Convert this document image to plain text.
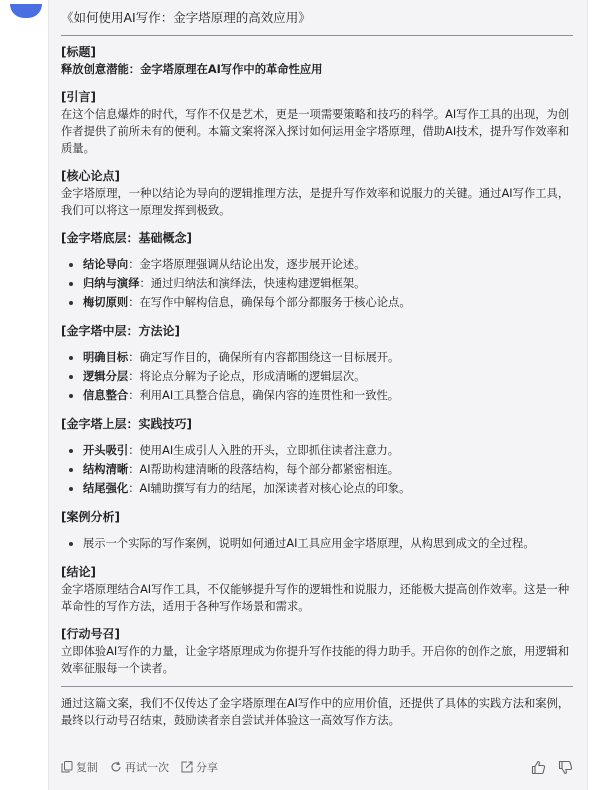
《如何使用AI写作：金字塔原理的高效应用》

[标题]

释放创意潜能：金字塔原理在AI写作中的革命性应用

[引言]

在这个信息爆炸的时代，写作不仅是艺术，更是一项需要策略和技巧的科学。AI写作工具的出现，为创作者提供了前所未有的便利。本篇文案将深入探讨如何运用金字塔原理，借助AI技术，提升写作效率和质量。

[核心论点]

金字塔原理，一种以结论为导向的逻辑推理方法，是提升写作效率和说服力的关键。通过AI写作工具，我们可以将这一原理发挥到极致。

[金字塔底层：基础概念]

结论导向：金字塔原理强调从结论出发，逐步展开论述。
归纳与演绎：通过归纳法和演绎法，快速构建逻辑框架。
梅切原则：在写作中解构信息，确保每个部分都服务于核心论点。

[金字塔中层：方法论]

明确目标：确定写作目的，确保所有内容都围绕这一目标展开。
逻辑分层：将论点分解为子论点，形成清晰的逻辑层次。
信息整合：利用AI工具整合信息，确保内容的连贯性和一致性。

[金字塔上层：实践技巧]

开头吸引：使用AI生成引人入胜的开头，立即抓住读者注意力。
结构清晰：AI帮助构建清晰的段落结构，每个部分都紧密相连。
结尾强化：AI辅助撰写有力的结尾，加深读者对核心论点的印象。

[案例分析]

展示一个实际的写作案例，说明如何通过AI工具应用金字塔原理，从构思到成文的全过程。

[结论]

金字塔原理结合AI写作工具，不仅能够提升写作的逻辑性和说服力，还能极大提高创作效率。这是一种革命性的写作方法，适用于各种写作场景和需求。

[行动号召]

立即体验AI写作的力量，让金字塔原理成为你提升写作技能的得力助手。开启你的创作之旅，用逻辑和效率征服每一个读者。

通过这篇文案，我们不仅传达了金字塔原理在AI写作中的应用价值，还提供了具体的实践方法和案例，最终以行动号召结束，鼓励读者亲自尝试并体验这一高效写作方法。

复制 再试一次 分享
